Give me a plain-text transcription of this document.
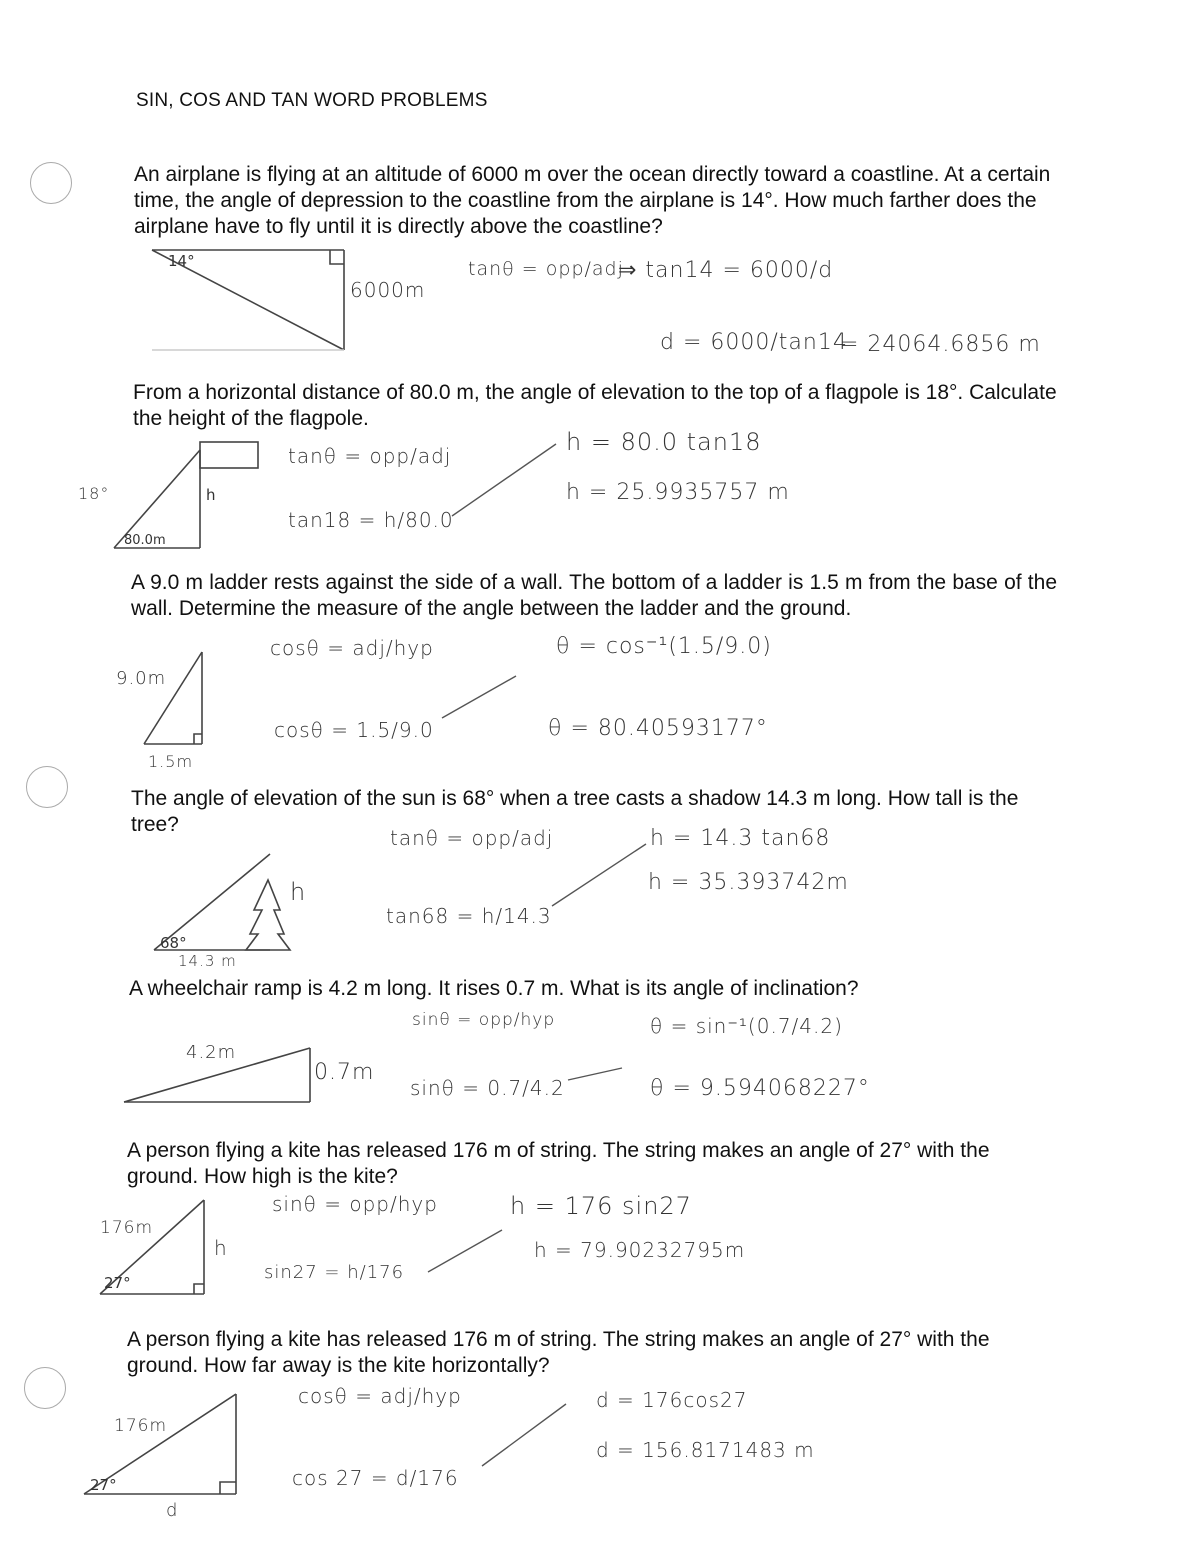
SIN, COS AND TAN WORD PROBLEMS
An airplane is flying at an altitude of 6000 m over the ocean directly toward a coastline. At a certain time, the angle of depression to the coastline from the airplane is 14°. How much farther does the airplane have to fly until it is directly above the coastline?
14°
6000m
tanθ = opp/adj
⇒ tan14 = 6000/d
d = 6000/tan14
= 24064.6856 m
From a horizontal distance of 80.0 m, the angle of elevation to the top of a flagpole is 18°. Calculate the height of the flagpole.
80.0m
h
18°
tanθ = opp/adj
tan18 = h/80.0
h = 80.0 tan18
h = 25.9935757 m
A 9.0 m ladder rests against the side of a wall. The bottom of a ladder is 1.5 m from the base of the wall. Determine the measure of the angle between the ladder and the ground.
9.0m
1.5m
cosθ = adj/hyp
cosθ = 1.5/9.0
θ = cos⁻¹(1.5/9.0)
θ = 80.40593177°
The angle of elevation of the sun is 68° when a tree casts a shadow 14.3 m long. How tall is the tree?
68°
h
14.3 m
tanθ = opp/adj
tan68 = h/14.3
h = 14.3 tan68
h = 35.393742m
A wheelchair ramp is 4.2 m long. It rises 0.7 m. What is its angle of inclination?
4.2m
0.7m
sinθ = opp/hyp
sinθ = 0.7/4.2
θ = sin⁻¹(0.7/4.2)
θ = 9.594068227°
A person flying a kite has released 176 m of string. The string makes an angle of 27° with the ground. How high is the kite?
27°
176m
h
sinθ = opp/hyp
sin27 = h/176
h = 176 sin27
h = 79.90232795m
A person flying a kite has released 176 m of string. The string makes an angle of 27° with the ground. How far away is the kite horizontally?
27°
176m
d
cosθ = adj/hyp
cos 27 = d/176
d = 176cos27
d = 156.8171483 m
